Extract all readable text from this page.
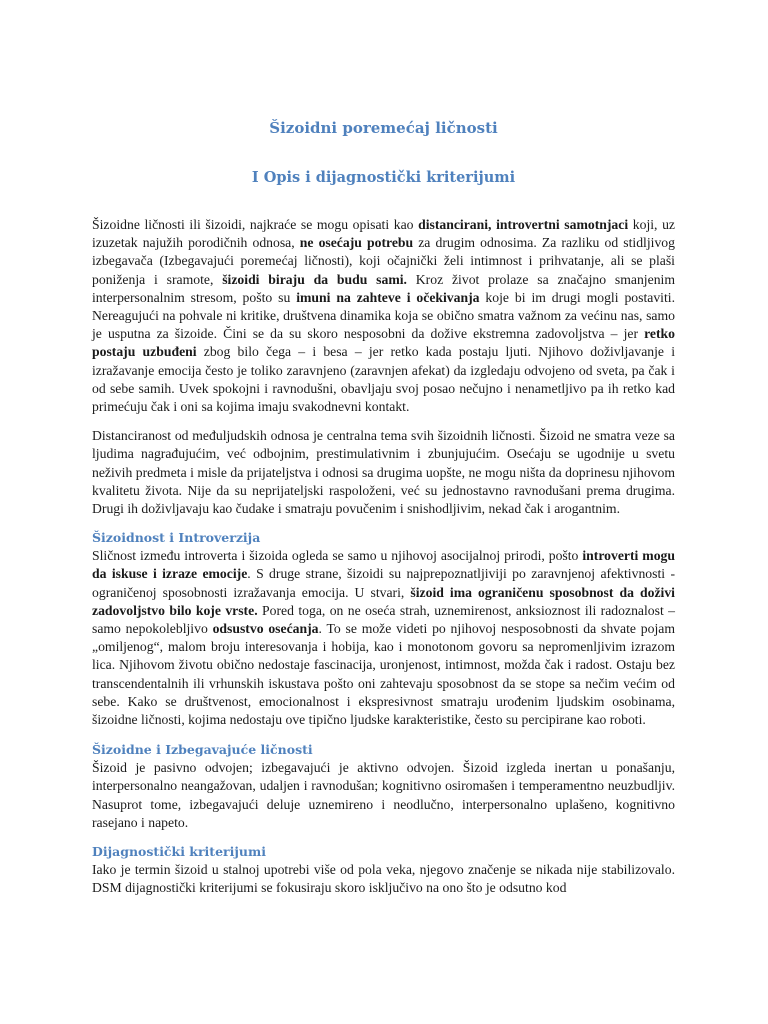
Šizoidni poremećaj ličnosti
I Opis i dijagnostički kriterijumi

Šizoidne ličnosti ili šizoidi, najkraće se mogu opisati kao distancirani, introvertni samotnjaci koji, uz izuzetak najužih porodičnih odnosa, ne osećaju potrebu za drugim odnosima. Za razliku od stidljivog izbegavača (Izbegavajući poremećaj ličnosti), koji očajnički želi intimnost i prihvatanje, ali se plaši poniženja i sramote, šizoidi biraju da budu sami. Kroz život prolaze sa značajno smanjenim interpersonalnim stresom, pošto su imuni na zahteve i očekivanja koje bi im drugi mogli postaviti. Nereagujući na pohvale ni kritike, društvena dinamika koja se obično smatra važnom za većinu nas, samo je usputna za šizoide. Čini se da su skoro nesposobni da dožive ekstremna zadovoljstva – jer retko postaju uzbuđeni zbog bilo čega – i besa – jer retko kada postaju ljuti. Njihovo doživljavanje i izražavanje emocija često je toliko zaravnjeno (zaravnjen afekat) da izgledaju odvojeno od sveta, pa čak i od sebe samih. Uvek spokojni i ravnodušni, obavljaju svoj posao nečujno i nenametljivo pa ih retko kad primećuju čak i oni sa kojima imaju svakodnevni kontakt.

Distanciranost od međuljudskih odnosa je centralna tema svih šizoidnih ličnosti. Šizoid ne smatra veze sa ljudima nagrađujućim, već odbojnim, prestimulativnim i zbunjujućim. Osećaju se ugodnije u svetu neživih predmeta i misle da prijateljstva i odnosi sa drugima uopšte, ne mogu ništa da doprinesu njihovom kvalitetu života. Nije da su neprijateljski raspoloženi, već su jednostavno ravnodušani prema drugima. Drugi ih doživljavaju kao čudake i smatraju povučenim i snishodljivim, nekad čak i arogantnim.

Šizoidnost i Introverzija

Sličnost između introverta i šizoida ogleda se samo u njihovoj asocijalnoj prirodi, pošto introverti mogu da iskuse i izraze emocije. S druge strane, šizoidi su najprepoznatljiviji po zaravnjenoj afektivnosti - ograničenoj sposobnosti izražavanja emocija. U stvari, šizoid ima ograničenu sposobnost da doživi zadovoljstvo bilo koje vrste. Pored toga, on ne oseća strah, uznemirenost, anksioznost ili radoznalost – samo nepokolebljivo odsustvo osećanja. To se može videti po njihovoj nesposobnosti da shvate pojam „omiljenog“, malom broju interesovanja i hobija, kao i monotonom govoru sa nepromenljivim izrazom lica. Njihovom životu obično nedostaje fascinacija, uronjenost, intimnost, možda čak i radost. Ostaju bez transcendentalnih ili vrhunskih iskustava pošto oni zahtevaju sposobnost da se stope sa nečim većim od sebe. Kako se društvenost, emocionalnost i ekspresivnost smatraju urođenim ljudskim osobinama, šizoidne ličnosti, kojima nedostaju ove tipično ljudske karakteristike, često su percipirane kao roboti.

Šizoidne i Izbegavajuće ličnosti

Šizoid je pasivno odvojen; izbegavajući je aktivno odvojen. Šizoid izgleda inertan u ponašanju, interpersonalno neangažovan, udaljen i ravnodušan; kognitivno osiromašen i temperamentno neuzbudljiv. Nasuprot tome, izbegavajući deluje uznemireno i neodlučno, interpersonalno uplašeno, kognitivno rasejano i napeto.

Dijagnostički kriterijumi

Iako je termin šizoid u stalnoj upotrebi više od pola veka, njegovo značenje se nikada nije stabilizovalo. DSM dijagnostički kriterijumi se fokusiraju skoro isključivo na ono što je odsutno kod
